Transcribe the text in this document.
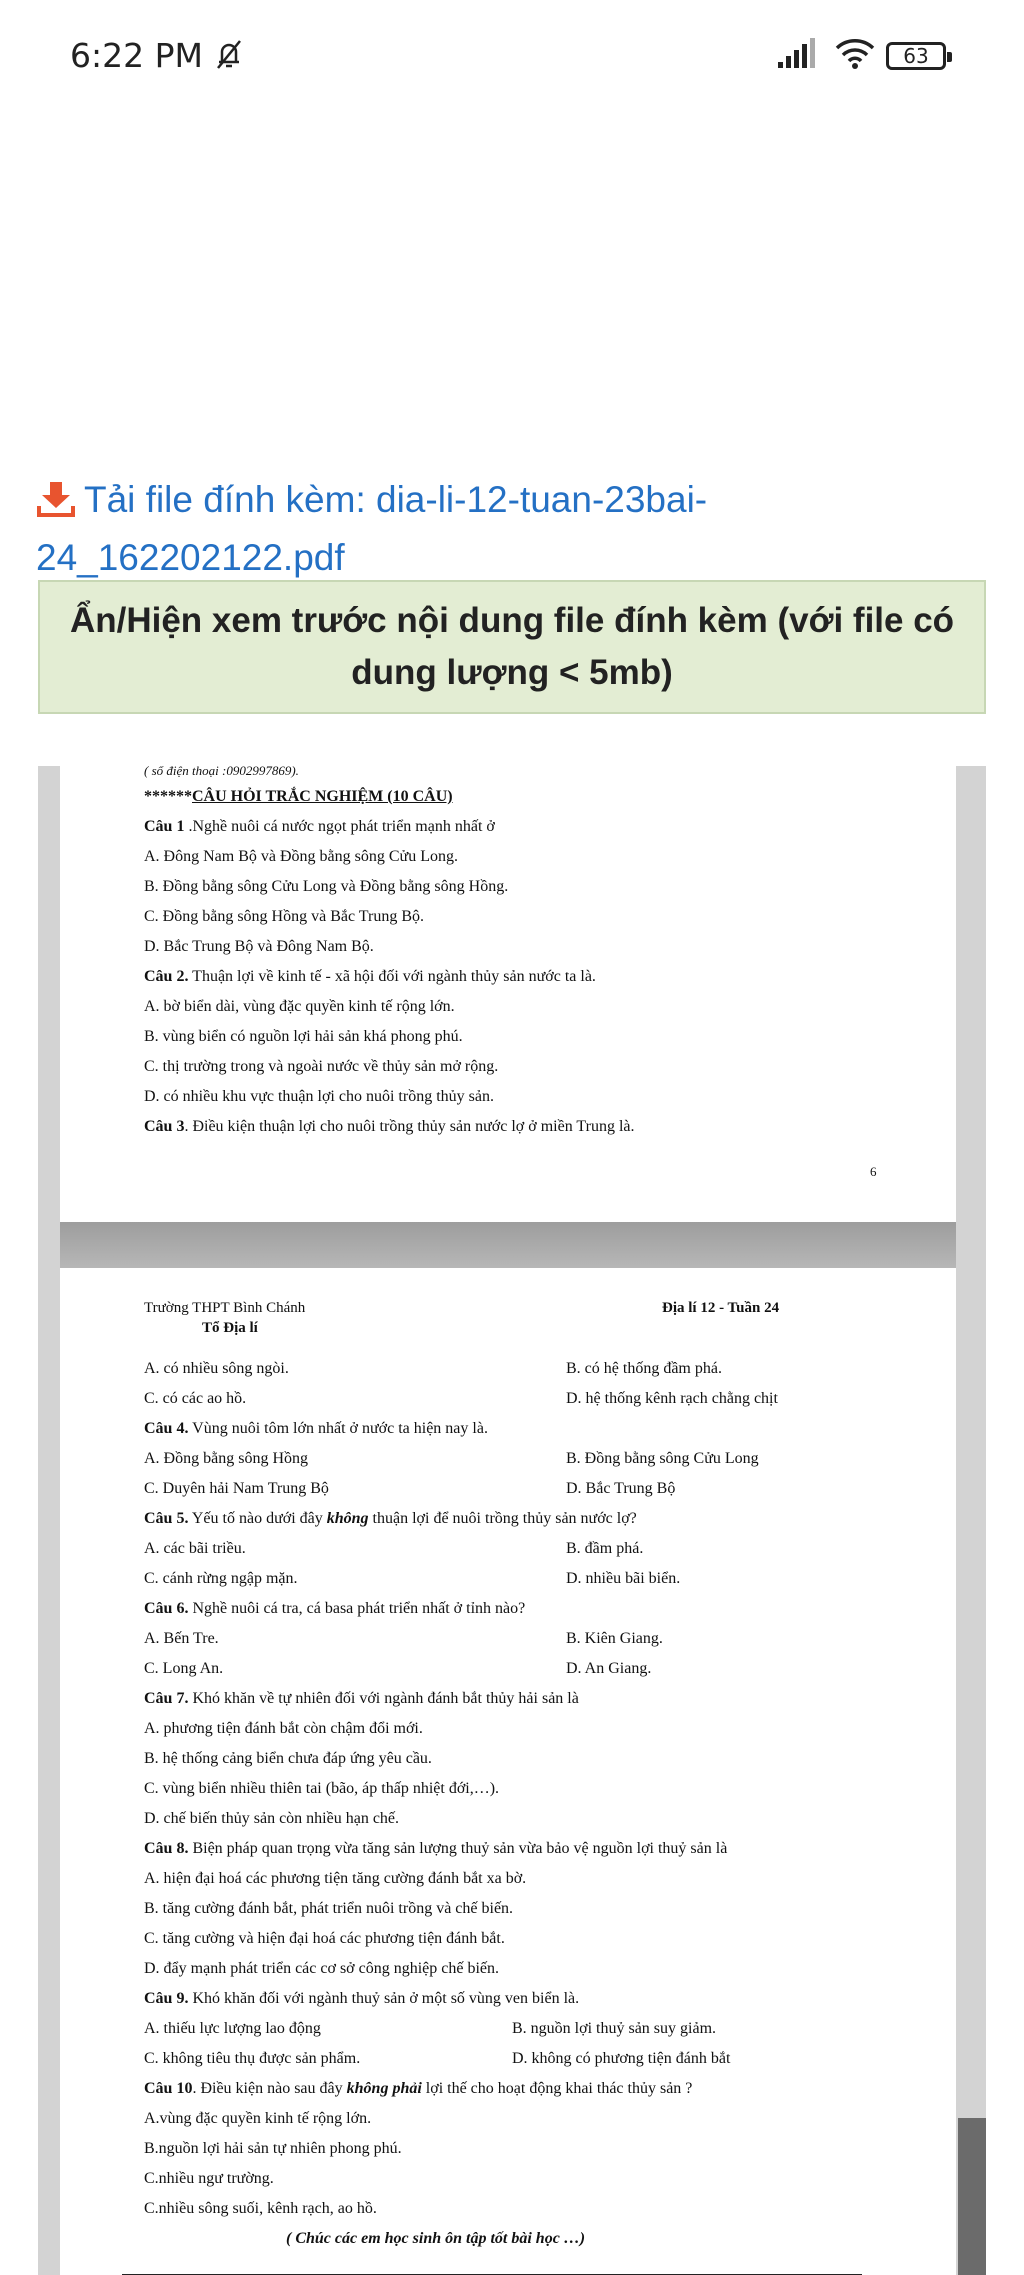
6:22 PM	63
Tải file đính kèm: dia-li-12-tuan-23bai-24_162202122.pdf
Ẩn/Hiện xem trước nội dung file đính kèm (với file có dung lượng < 5mb)
( số điện thoại :0902997869).
******CÂU HỎI TRẮC NGHIỆM (10 CÂU)
Câu 1 .Nghề nuôi cá nước ngọt phát triển mạnh nhất ở
A. Đông Nam Bộ và Đồng bằng sông Cửu Long.
B. Đồng bằng sông Cửu Long và Đồng bằng sông Hồng.
C. Đồng bằng sông Hồng và Bắc Trung Bộ.
D. Bắc Trung Bộ và Đông Nam Bộ.
Câu 2. Thuận lợi về kinh tế - xã hội đối với ngành thủy sản nước ta là.
A. bờ biển dài, vùng đặc quyền kinh tế rộng lớn.
B. vùng biển có nguồn lợi hải sản khá phong phú.
C. thị trường trong và ngoài nước về thủy sản mở rộng.
D. có nhiều khu vực thuận lợi cho nuôi trồng thủy sản.
Câu 3. Điều kiện thuận lợi cho nuôi trồng thủy sản nước lợ ở miền Trung là.
6
Trường THPT Bình Chánh
Tổ Địa lí
Địa lí 12 - Tuần 24
A. có nhiều sông ngòi.	B. có hệ thống đầm phá.
C. có các ao hồ.	D. hệ thống kênh rạch chằng chịt
Câu 4. Vùng nuôi tôm lớn nhất ở nước ta hiện nay là.
A. Đồng bằng sông Hồng	B. Đồng bằng sông Cửu Long
C. Duyên hải Nam Trung Bộ	D. Bắc Trung Bộ
Câu 5. Yếu tố nào dưới đây không thuận lợi để nuôi trồng thủy sản nước lợ?
A. các bãi triều.	B. đầm phá.
C. cánh rừng ngập mặn.	D. nhiều bãi biển.
Câu 6. Nghề nuôi cá tra, cá basa phát triển nhất ở tỉnh nào?
A. Bến Tre.	B. Kiên Giang.
C. Long An.	D. An Giang.
Câu 7. Khó khăn về tự nhiên đối với ngành đánh bắt thủy hải sản là
A. phương tiện đánh bắt còn chậm đổi mới.
B. hệ thống cảng biển chưa đáp ứng yêu cầu.
C. vùng biển nhiều thiên tai (bão, áp thấp nhiệt đới,…).
D. chế biến thủy sản còn nhiều hạn chế.
Câu 8. Biện pháp quan trọng vừa tăng sản lượng thuỷ sản vừa bảo vệ nguồn lợi thuỷ sản là
A. hiện đại hoá các phương tiện tăng cường đánh bắt xa bờ.
B. tăng cường đánh bắt, phát triển nuôi trồng và chế biến.
C. tăng cường và hiện đại hoá các phương tiện đánh bắt.
D. đẩy mạnh phát triển các cơ sở công nghiệp chế biến.
Câu 9. Khó khăn đối với ngành thuỷ sản ở một số vùng ven biển là.
A. thiếu lực lượng lao động	B. nguồn lợi thuỷ sản suy giảm.
C. không tiêu thụ được sản phẩm.	D. không có phương tiện đánh bắt
Câu 10. Điều kiện nào sau đây không phải lợi thế cho hoạt động khai thác thủy sản ?
A.vùng đặc quyền kinh tế rộng lớn.
B.nguồn lợi hải sản tự nhiên phong phú.
C.nhiều ngư trường.
C.nhiều sông suối, kênh rạch, ao hồ.
( Chúc các em học sinh ôn tập tốt bài học …)
